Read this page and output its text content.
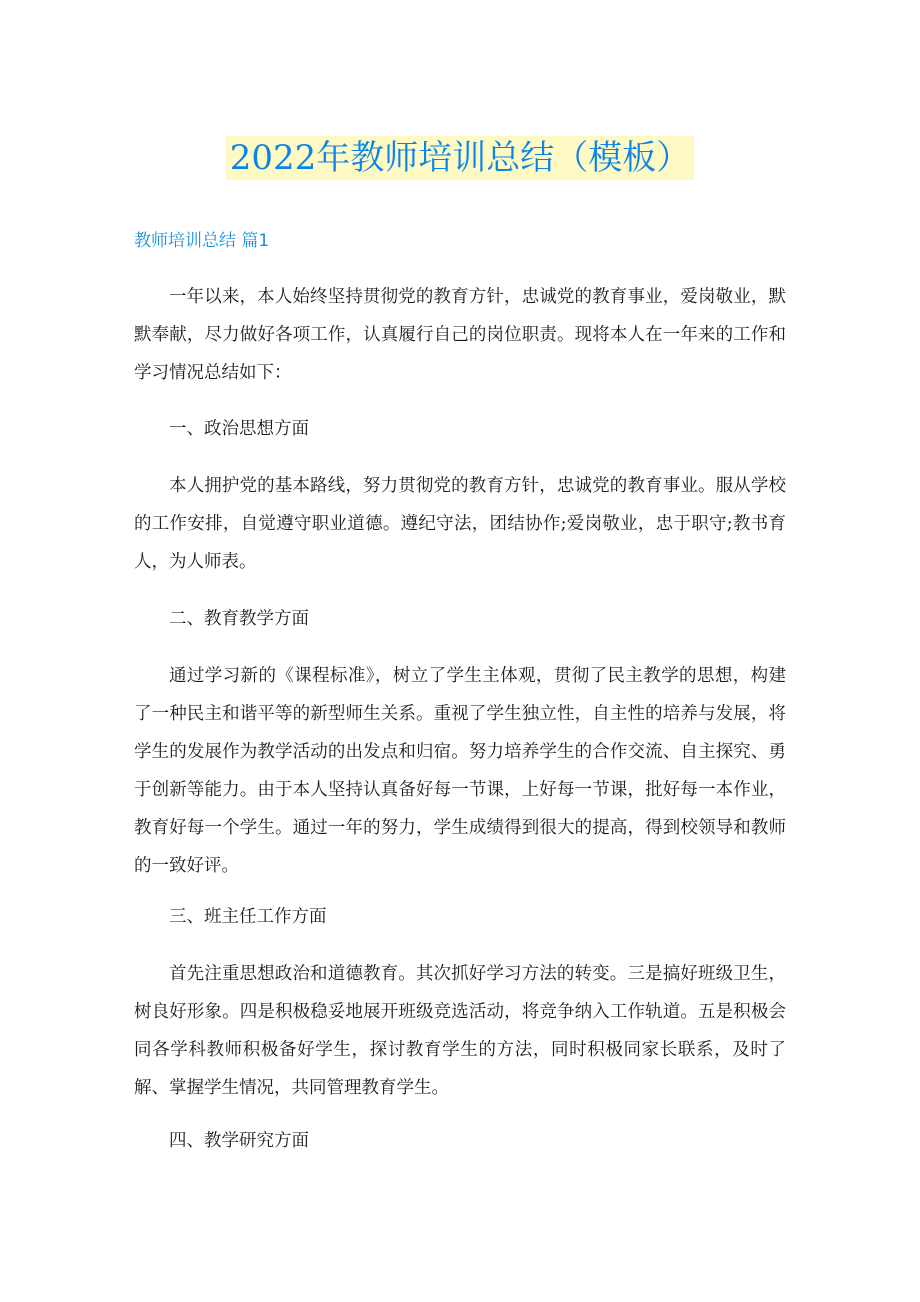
2022年教师培训总结（模板）
教师培训总结 篇1

一年以来，本人始终坚持贯彻党的教育方针，忠诚党的教育事业，爱岗敬业，默默奉献，尽力做好各项工作，认真履行自己的岗位职责。现将本人在一年来的工作和学习情况总结如下：

一、政治思想方面

本人拥护党的基本路线，努力贯彻党的教育方针，忠诚党的教育事业。服从学校的工作安排，自觉遵守职业道德。遵纪守法，团结协作;爱岗敬业，忠于职守;教书育人，为人师表。

二、教育教学方面

通过学习新的《课程标准》，树立了学生主体观，贯彻了民主教学的思想，构建了一种民主和谐平等的新型师生关系。重视了学生独立性，自主性的培养与发展，将学生的发展作为教学活动的出发点和归宿。努力培养学生的合作交流、自主探究、勇于创新等能力。由于本人坚持认真备好每一节课，上好每一节课，批好每一本作业，教育好每一个学生。通过一年的努力，学生成绩得到很大的提高，得到校领导和教师的一致好评。

三、班主任工作方面

首先注重思想政治和道德教育。其次抓好学习方法的转变。三是搞好班级卫生，树良好形象。四是积极稳妥地展开班级竞选活动，将竞争纳入工作轨道。五是积极会同各学科教师积极备好学生，探讨教育学生的方法，同时积极同家长联系，及时了解、掌握学生情况，共同管理教育学生。

四、教学研究方面
